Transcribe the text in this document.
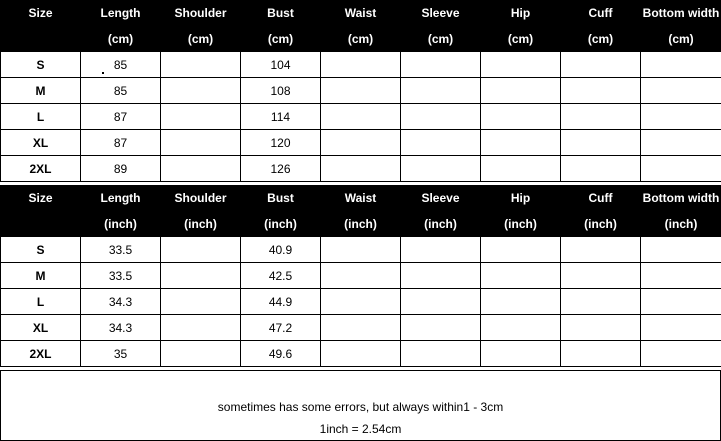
Size	Length	Shoulder	Bust	Waist	Sleeve	Hip	Cuff	Bottom width
	(cm)	(cm)	(cm)	(cm)	(cm)	(cm)	(cm)	(cm)
S	85		104					
M	85		108					
L	87		114					
XL	87		120					
2XL	89		126					
Size	Length	Shoulder	Bust	Waist	Sleeve	Hip	Cuff	Bottom width
	(inch)	(inch)	(inch)	(inch)	(inch)	(inch)	(inch)	(inch)
S	33.5		40.9					
M	33.5		42.5					
L	34.3		44.9					
XL	34.3		47.2					
2XL	35		49.6					
sometimes has some errors, but always within1 - 3cm
1inch = 2.54cm
